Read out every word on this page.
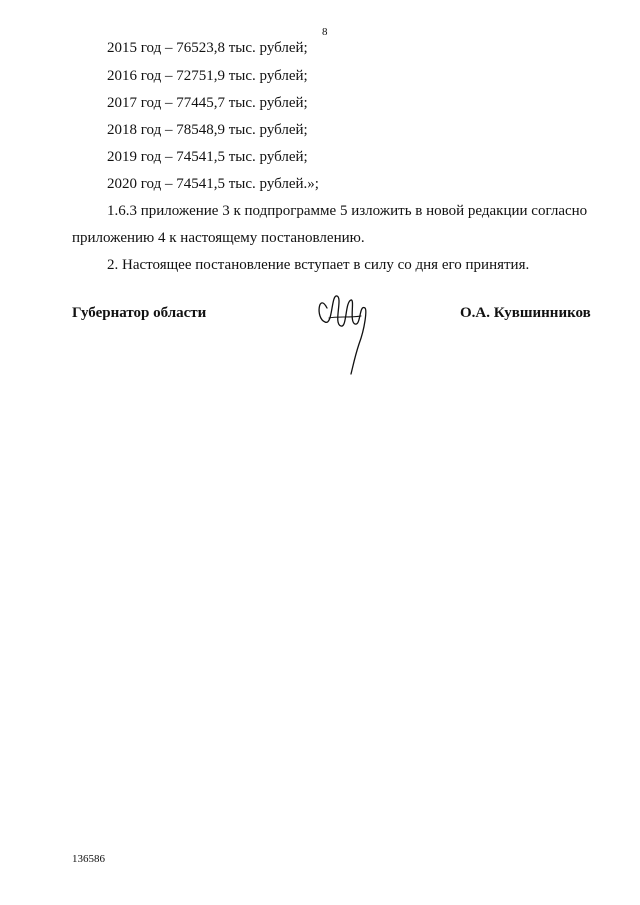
8
2015 год – 76523,8 тыс. рублей;
2016 год – 72751,9 тыс. рублей;
2017 год – 77445,7 тыс. рублей;
2018 год – 78548,9 тыс. рублей;
2019 год – 74541,5 тыс. рублей;
2020 год – 74541,5 тыс. рублей.»;
1.6.3 приложение 3 к подпрограмме 5 изложить в новой редакции согласно
приложению 4 к настоящему постановлению.
2. Настоящее постановление вступает в силу со дня его принятия.
Губернатор области	О.А. Кувшинников
136586
